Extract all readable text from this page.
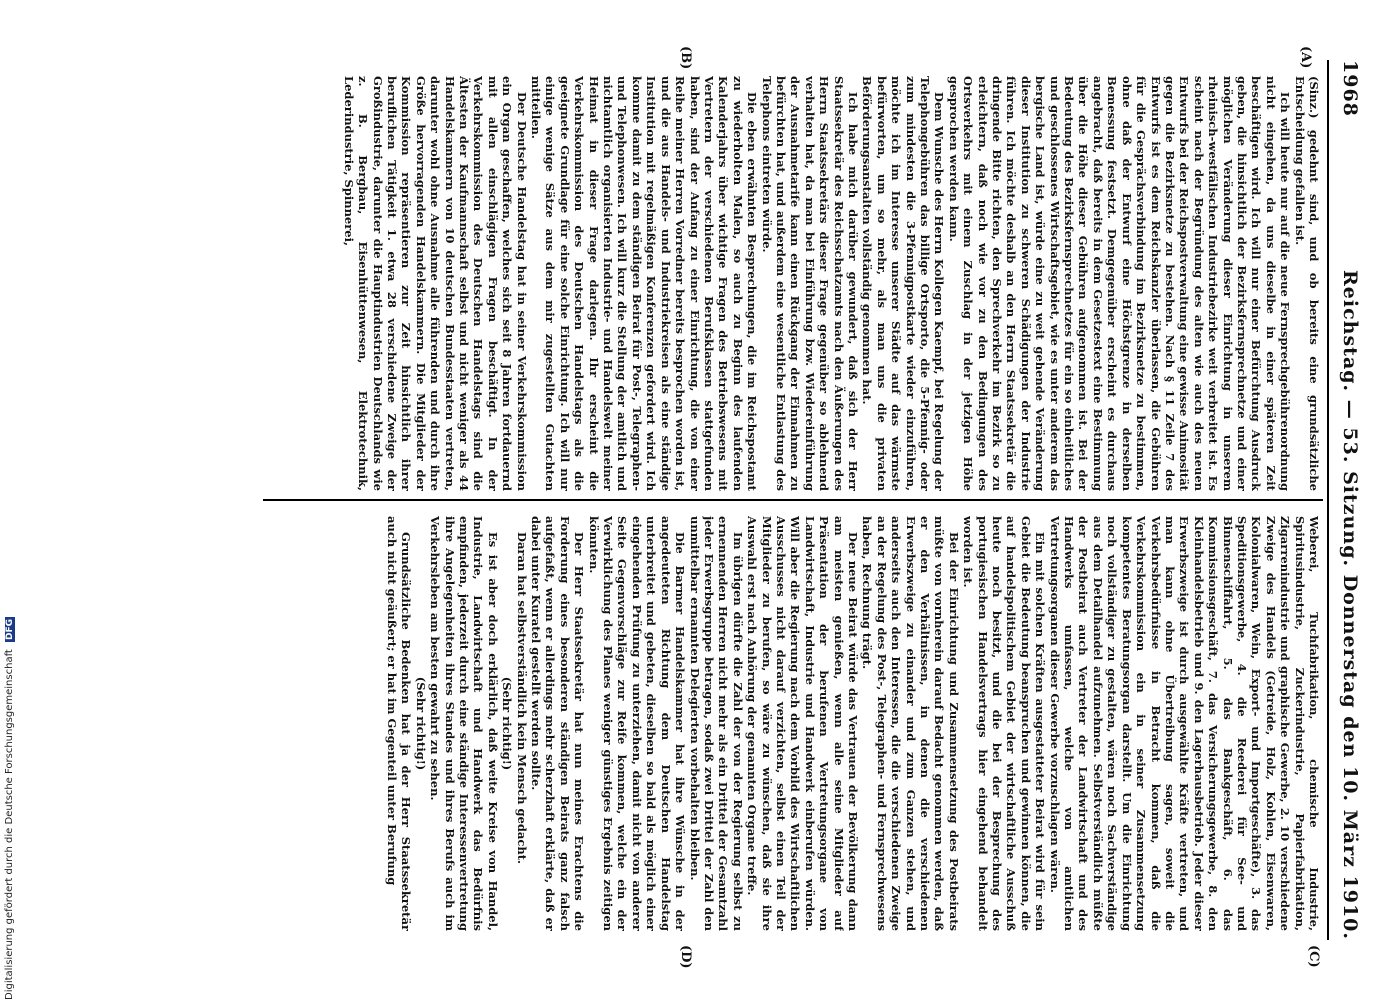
1968
Reichstag. — 53. Sitzung. Donnerstag den 10. März 1910.
(A)
(B)
(C)
(D)

(Sinz.) gedehnt sind, und ob bereits eine grundsätzliche Entscheidung gefallen ist.

Ich will heute nur auf die neue Fernsprechgebührenordnung nicht eingehen, da uns dieselbe in einer späteren Zeit beschäftigen wird. Ich will nur einer Befürchtung Ausdruck geben, die hinsichtlich der Bezirksfernsprechnetze und einer möglichen Veränderung dieser Einrichtung in unserem rheinisch-westfälischen Industriebezirke weit verbreitet ist. Es scheint nach der Begründung des alten wie auch des neuen Entwurfs bei der Reichspostverwaltung eine gewisse Animosität gegen die Bezirksnetze zu bestehen. Nach § 11 Zeile 7 des Entwurfs ist es dem Reichskanzler überlassen, die Gebühren für die Gesprächsverbindung im Bezirksnetze zu bestimmen, ohne daß der Entwurf eine Höchstgrenze in derselben Bemessung festsetzt. Demgegenüber erscheint es durchaus angebracht, daß bereits in dem Gesetzestext eine Bestimmung über die Höhe dieser Gebühren aufgenommen ist. Bei der Bedeutung des Bezirksfernsprechnetzes für ein so einheitliches und geschlossenes Wirtschaftsgebiet, wie es unter anderem das bergische Land ist, würde eine zu weit gehende Veränderung dieser Institution zu schweren Schädigungen der Industrie führen. Ich möchte deshalb an den Herrn Staatssekretär die dringende Bitte richten, den Sprechverkehr im Bezirk so zu erleichtern, daß noch wie vor zu den Bedingungen des Ortsverkehrs mit einem Zuschlag in der jetzigen Höhe gesprochen werden kann.

Dem Wunsche des Herrn Kollegen Kaempf, bei Regelung der Telephongebühren das billige Ortsporto, die 5-Pfennig- oder zum mindesten die 3-Pfennigpostkarte wieder einzuführen, möchte ich im Interesse unserer Städte auf das wärmste befürworten, um so mehr, als man uns die privaten Beförderungsanstalten vollständig genommen hat.

Ich habe mich darüber gewundert, daß sich der Herr Staatssekretär des Reichsschatzamts nach den Äußerungen des Herrn Staatssekretärs dieser Frage gegenüber so ablehnend verhalten hat, da man bei Einführung bzw. Wiedereinführung der Ausnahmetarife kann einen Rückgang der Einnahmen zu befürchten hat, und außerdem eine wesentliche Entlastung des Telephons eintreten würde.

Die eben erwähnten Besprechungen, die im Reichspostamt zu wiederholten Malen, so auch zu Beginn des laufenden Kalenderjahrs über wichtige Fragen des Betriebswesens mit Vertretern der verschiedenen Berufsklassen stattgefunden haben, sind der Anfang zu einer Einrichtung, die von einer Reihe meiner Herren Vorredner bereits besprochen worden ist, und die aus Handels- und Industriekreisen als eine ständige Institution mit regelmäßigen Konferenzen gefordert wird. Ich komme damit zu dem ständigen Beirat für Post-, Telegraphen- und Telephonwesen. Ich will kurz die Stellung der amtlich und nichtamtlich organisierten Industrie- und Handelswelt meiner Heimat in dieser Frage darlegen. Ihr erscheint die Verkehrskommission des Deutschen Handelstags als die geeignete Grundlage für eine solche Einrichtung. Ich will nur einige wenige Sätze aus dem mir zugestellten Gutachten mitteilen.

Der Deutsche Handelstag hat in seiner Verkehrskommission ein Organ geschaffen, welches sich seit 8 Jahren fortdauernd mit allen einschlägigen Fragen beschäftigt. In der Verkehrskommission des Deutschen Handelstags sind die Ältesten der Kaufmannschaft selbst und nicht weniger als 44 Handelskammern von 10 deutschen Bundesstaaten vertreten, darunter wohl ohne Ausnahme alle führenden und durch ihre Größe hervorragenden Handelskammern. Die Mitglieder der Kommission repräsentieren zur Zeit hinsichtlich ihrer beruflichen Tätigkeit 1. etwa 28 verschiedene Zweige der Großindustrie, darunter die Hauptindustrien Deutschlands wie z. B. Bergbau, Eisenhüttenwesen, Elektrotechnik, Lederindustrie, Spinnerei,

Weberei, Tuchfabrikation, chemische Industrie, Spiritusindustrie, Zuckerindustrie, Papierfabrikation, Zigarrenindustrie und graphische Gewerbe, 2. 10 verschiedene Zweige des Handels (Getreide, Holz, Kohlen, Eisenwaren, Kolonialwaren, Wein, Export- und Importgeschäfte), 3. das Speditionsgewerbe, 4. die Reederei für See- und Binnenschiffahrt, 5. das Bankgeschäft, 6. das Kommissionsgeschäft, 7. das Versicherungsgewerbe, 8. den Kleinhandelsbetrieb und 9. den Lagerhausbetrieb. Jeder dieser Erwerbszweige ist durch ausgewählte Kräfte vertreten, und man kann ohne Übertreibung sagen, soweit die Verkehrsbedürfnisse in Betracht kommen, daß die Verkehrskommission ein in seiner Zusammensetzung kompetentes Beratungsorgan darstellt. Um die Einrichtung noch vollständiger zu gestalten, wären noch Sachverständige aus dem Detailhandel aufzunehmen. Selbstverständlich müßte der Postbeirat auch Vertreter der Landwirtschaft und des Handwerks umfassen, welche von amtlichen Vertretungsorganen dieser Gewerbe vorzuschlagen wären.

Ein mit solchen Kräften ausgestatteter Beirat wird für sein Gebiet die Bedeutung beanspruchen und gewinnen können, die auf handelspolitischem Gebiet der wirtschaftliche Ausschuß heute noch besitzt, und die bei der Besprechung des portugiesischen Handelsvertrags hier eingehend behandelt worden ist.

Bei der Einrichtung und Zusammensetzung des Postbeirats müßte von vornherein darauf Bedacht genommen werden, daß er den Verhältnissen, in denen die verschiedenen Erwerbszweige zu einander und zum Ganzen stehen, und anderseits auch den Interessen, die die verschiedenen Zweige an der Regelung des Post-, Telegraphen- und Fernsprechwesens haben, Rechnung trägt.

Der neue Beirat würde das Vertrauen der Bevölkerung dann am meisten genießen, wenn alle seine Mitglieder auf Präsentation der berufenen Vertretungsorgane von Landwirtschaft, Industrie und Handwerk einberufen würden. Will aber die Regierung nach dem Vorbild des Wirtschaftlichen Ausschusses nicht darauf verzichten, selbst einen Teil der Mitglieder zu berufen, so wäre zu wünschen, daß sie ihre Auswahl erst nach Anhörung der genannten Organe treffe.

Im übrigen dürfte die Zahl der von der Regierung selbst zu ernennenden Herren nicht mehr als ein Drittel der Gesamtzahl jeder Erwerbsgruppe betragen, sodaß zwei Drittel der Zahl den unmittelbar ernannten Delegierten vorbehalten bleiben.

Die Barmer Handelskammer hat ihre Wünsche in der angedeuteten Richtung dem Deutschen Handelstag unterbreitet und gebeten, dieselben so bald als möglich einer eingehenden Prüfung zu unterziehen, damit nicht von anderer Seite Gegenvorschläge zur Reife kommen, welche ein der Verwirklichung des Planes weniger günstiges Ergebnis zeitigen könnten.

Der Herr Staatssekretär hat nun meines Erachtens die Forderung eines besonderen ständigen Beirats ganz falsch aufgefaßt, wenn er allerdings mehr scherzhaft erklärte, daß er dabei unter Kuratel gestellt werden sollte.

Daran hat selbstverständlich kein Mensch gedacht.

(Sehr richtig!)

Es ist aber doch erklärlich, daß weite Kreise von Handel, Industrie, Landwirtschaft und Handwerk das Bedürfnis empfinden, jederzeit durch eine ständige Interessenvertretung ihre Angelegenheiten ihres Standes und ihres Berufs auch im Verkehrsleben am besten gewahrt zu sehen.

(Sehr richtig!)

Grundsätzliche Bedenken hat ja der Herr Staatssekretär auch nicht geäußert; er hat im Gegenteil unter Berufung

Digitalisierung gefördert durch die Deutsche Forschungsgemeinschaft DFG
